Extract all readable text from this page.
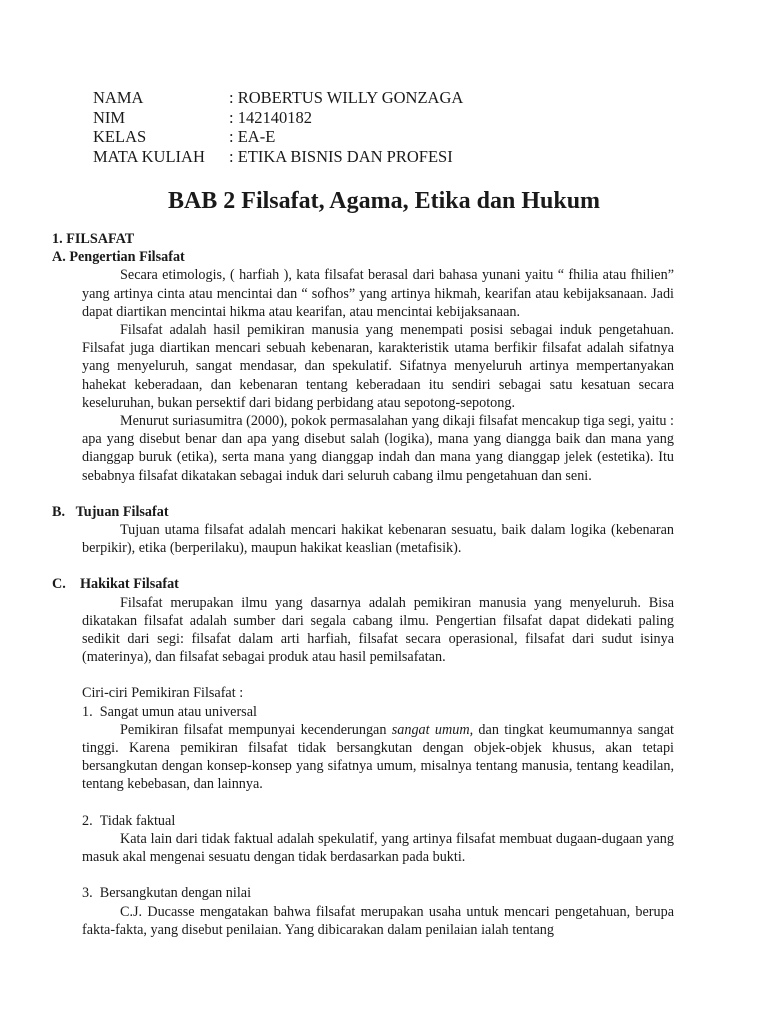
NAMA	: ROBERTUS WILLY GONZAGA
NIM	: 142140182
KELAS	: EA-E
MATA KULIAH	: ETIKA BISNIS DAN PROFESI
BAB 2 Filsafat, Agama, Etika dan Hukum
1. FILSAFAT
A. Pengertian Filsafat

Secara etimologis, ( harfiah ), kata filsafat berasal dari bahasa yunani yaitu “ fhilia atau fhilien” yang artinya cinta atau mencintai dan “ sofhos” yang artinya hikmah, kearifan atau kebijaksanaan. Jadi dapat diartikan mencintai hikma atau kearifan, atau mencintai kebijaksanaan.

Filsafat adalah hasil pemikiran manusia yang menempati posisi sebagai induk pengetahuan. Filsafat juga diartikan mencari sebuah kebenaran, karakteristik utama berfikir filsafat adalah sifatnya yang menyeluruh, sangat mendasar, dan spekulatif. Sifatnya menyeluruh artinya mempertanyakan hahekat keberadaan, dan kebenaran tentang keberadaan itu sendiri sebagai satu kesatuan secara keseluruhan, bukan persektif dari bidang perbidang atau sepotong-sepotong.

Menurut suriasumitra (2000), pokok permasalahan yang dikaji filsafat mencakup tiga segi, yaitu : apa yang disebut benar dan apa yang disebut salah (logika), mana yang diangga baik dan mana yang dianggap buruk (etika), serta mana yang dianggap indah dan mana yang dianggap jelek (estetika). Itu sebabnya filsafat dikatakan sebagai induk dari seluruh cabang ilmu pengetahuan dan seni.

B.   Tujuan Filsafat

Tujuan utama filsafat adalah mencari hakikat kebenaran sesuatu, baik dalam logika (kebenaran berpikir), etika (berperilaku), maupun hakikat keaslian (metafisik).

C.    Hakikat Filsafat

Filsafat merupakan ilmu yang dasarnya adalah pemikiran manusia yang menyeluruh. Bisa dikatakan filsafat adalah sumber dari segala cabang ilmu. Pengertian filsafat dapat didekati paling sedikit dari segi: filsafat dalam arti harfiah, filsafat secara operasional, filsafat dari sudut isinya (materinya), dan filsafat sebagai produk atau hasil pemilsafatan.

Ciri-ciri Pemikiran Filsafat :

1.  Sangat umun atau universal

Pemikiran filsafat mempunyai kecenderungan sangat umum, dan tingkat keumumannya sangat tinggi. Karena pemikiran filsafat tidak bersangkutan dengan objek-objek khusus, akan tetapi bersangkutan dengan konsep-konsep yang sifatnya umum, misalnya tentang manusia, tentang keadilan, tentang kebebasan, dan lainnya.

2.  Tidak faktual

Kata lain dari tidak faktual adalah spekulatif, yang artinya filsafat membuat dugaan-dugaan yang masuk akal mengenai sesuatu dengan tidak berdasarkan pada bukti.

3.  Bersangkutan dengan nilai

C.J. Ducasse mengatakan bahwa filsafat merupakan usaha untuk mencari pengetahuan, berupa fakta-fakta, yang disebut penilaian. Yang dibicarakan dalam penilaian ialah tentang
